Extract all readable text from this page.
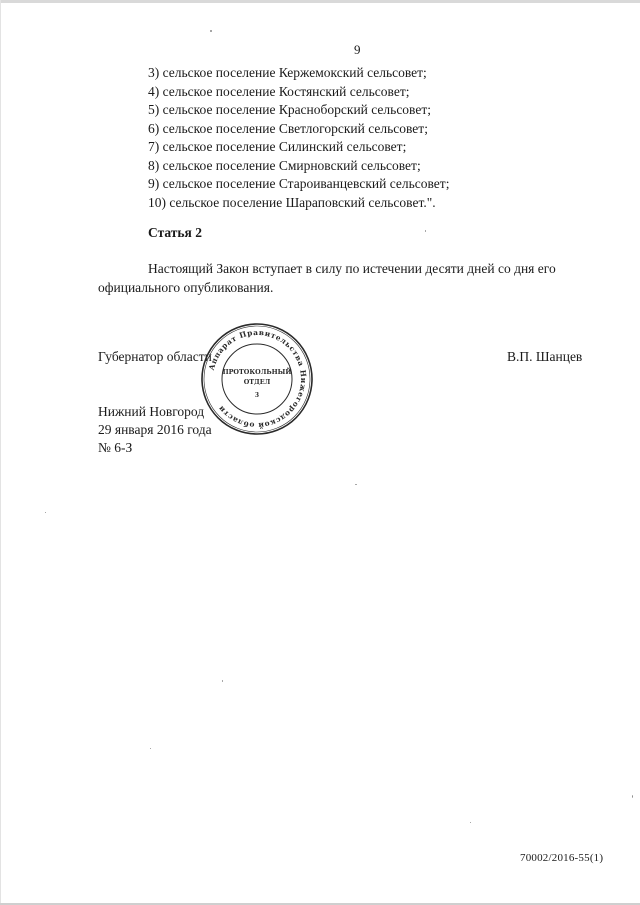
9
3) сельское поселение Кержемокский сельсовет;
4) сельское поселение Костянский сельсовет;
5) сельское поселение Красноборский сельсовет;
6) сельское поселение Светлогорский сельсовет;
7) сельское поселение Силинский сельсовет;
8) сельское поселение Смирновский сельсовет;
9) сельское поселение Староиванцевский сельсовет;
10) сельское поселение Шараповский сельсовет.".
Статья 2

Настоящий Закон вступает в силу по истечении десяти дней со дня его официального опубликования.

Губернатор области	В.П. Шанцев
Нижний Новгород
29 января 2016 года
№ 6-З
Аппарат Правительства Нижегородской области
ПРОТОКОЛЬНЫЙ
ОТДЕЛ
3
70002/2016-55(1)
